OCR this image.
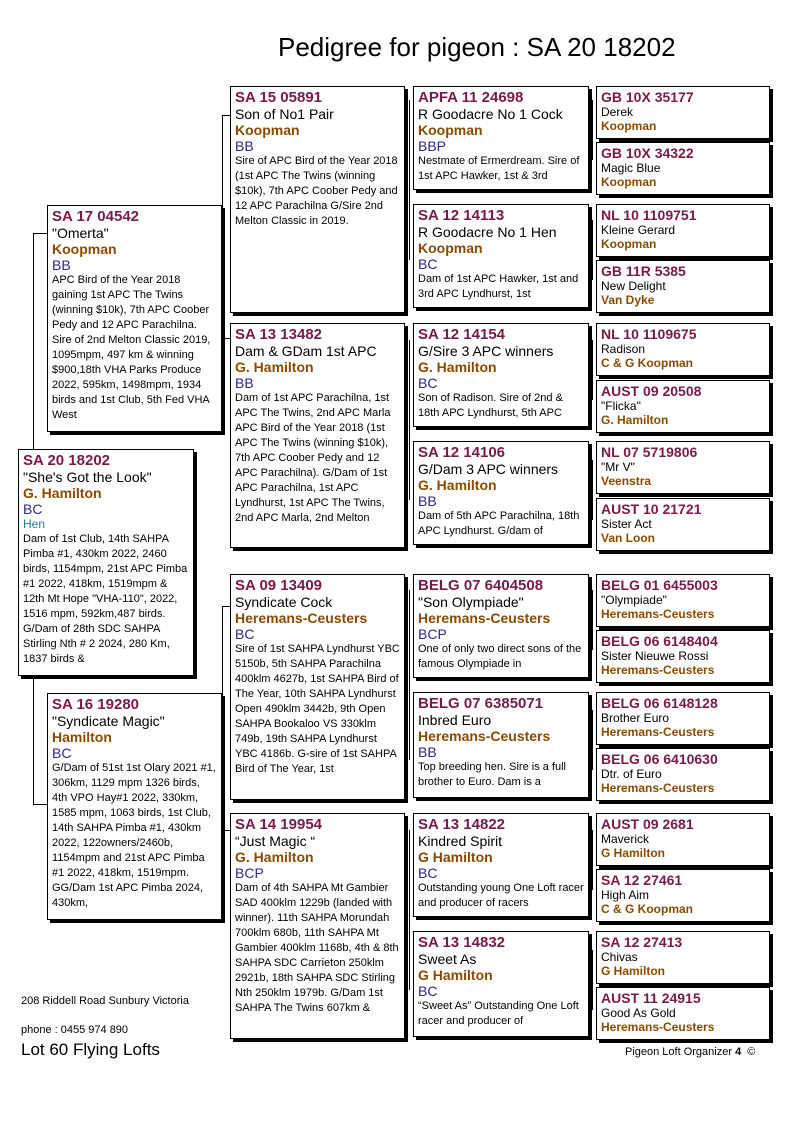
Pedigree for pigeon : SA 20 18202
SA 20 18202
"She's Got the Look"
G. Hamilton
BC
Hen
Dam of 1st Club, 14th SAHPA Pimba #1, 430km 2022, 2460 birds, 1154mpm, 21st APC Pimba #1 2022, 418km, 1519mpm & 12th Mt Hope "VHA-110", 2022, 1516 mpm, 592km,487 birds. G/Dam of 28th SDC SAHPA Stirling Nth # 2 2024, 280 Km, 1837 birds &
SA 17 04542
"Omerta"
Koopman
BB
APC Bird of the Year 2018 gaining 1st APC The Twins (winning $10k), 7th APC Coober Pedy and 12 APC Parachilna. Sire of 2nd Melton Classic 2019, 1095mpm, 497 km & winning $900,18th VHA Parks Produce 2022, 595km, 1498mpm, 1934 birds and 1st Club, 5th Fed VHA West
SA 16 19280
"Syndicate Magic"
Hamilton
BC
G/Dam of 51st 1st Olary 2021 #1, 306km, 1129 mpm 1326 birds, 4th VPO Hay#1 2022, 330km, 1585 mpm, 1063 birds, 1st Club, 14th SAHPA Pimba #1, 430km 2022, 122owners/2460b, 1154mpm and 21st APC Pimba #1 2022, 418km, 1519mpm. GG/Dam 1st APC Pimba 2024, 430km,
SA 15 05891
Son of No1 Pair
Koopman
BB
Sire of APC Bird of the Year 2018 (1st APC The Twins (winning $10k), 7th APC Coober Pedy and 12 APC Parachilna G/Sire 2nd Melton Classic in 2019.
SA 13 13482
Dam & GDam 1st APC
G. Hamilton
BB
Dam of 1st APC Parachilna, 1st APC The Twins, 2nd APC Marla APC Bird of the Year 2018 (1st APC The Twins (winning $10k), 7th APC Coober Pedy and 12 APC Parachilna). G/Dam of 1st APC Parachilna, 1st APC Lyndhurst, 1st APC The Twins, 2nd APC Marla, 2nd Melton
SA 09 13409
Syndicate Cock
Heremans-Ceusters
BC
Sire of 1st SAHPA Lyndhurst YBC 5150b, 5th SAHPA Parachilna 400klm 4627b, 1st SAHPA Bird of The Year, 10th SAHPA Lyndhurst Open 490klm 3442b, 9th Open SAHPA Bookaloo VS 330klm 749b, 19th SAHPA Lyndhurst YBC 4186b. G-sire of 1st SAHPA Bird of The Year, 1st
SA 14 19954
“Just Magic “
G. Hamilton
BCP
Dam of 4th SAHPA Mt Gambier SAD 400klm 1229b (landed with winner). 11th SAHPA Morundah 700klm 680b, 11th SAHPA Mt Gambier 400klm 1168b, 4th & 8th SAHPA SDC Carrieton 250klm 2921b, 18th SAHPA SDC Stirling Nth 250klm 1979b. G/Dam 1st SAHPA The Twins 607km &
APFA 11 24698
R Goodacre No 1 Cock
Koopman
BBP
Nestmate of Ermerdream. Sire of 1st APC Hawker, 1st & 3rd
SA 12 14113
R Goodacre No 1 Hen
Koopman
BC
Dam of 1st APC Hawker, 1st and 3rd APC Lyndhurst, 1st
SA 12 14154
G/Sire 3 APC winners
G. Hamilton
BC
Son of Radison. Sire of 2nd & 18th APC Lyndhurst, 5th APC
SA 12 14106
G/Dam 3 APC winners
G. Hamilton
BB
Dam of 5th APC Parachilna, 18th APC Lyndhurst. G/dam of
BELG 07 6404508
"Son Olympiade"
Heremans-Ceusters
BCP
One of only two direct sons of the famous Olympiade in
BELG 07 6385071
Inbred Euro
Heremans-Ceusters
BB
Top breeding hen. Sire is a full brother to Euro. Dam is a
SA 13 14822
Kindred Spirit
G Hamilton
BC
Outstanding young One Loft racer and producer of racers
SA 13 14832
Sweet As
G Hamilton
BC
“Sweet As” Outstanding One Loft racer and producer of
GB 10X 35177
Derek
Koopman
GB 10X 34322
Magic Blue
Koopman
NL 10 1109751
Kleine Gerard
Koopman
GB 11R 5385
New Delight
Van Dyke
NL 10 1109675
Radison
C & G Koopman
AUST 09 20508
"Flicka"
G. Hamilton
NL 07 5719806
"Mr V"
Veenstra
AUST 10 21721
Sister Act
Van Loon
BELG 01 6455003
"Olympiade"
Heremans-Ceusters
BELG 06 6148404
Sister Nieuwe Rossi
Heremans-Ceusters
BELG 06 6148128
Brother Euro
Heremans-Ceusters
BELG 06 6410630
Dtr. of Euro
Heremans-Ceusters
AUST 09 2681
Maverick
G Hamilton
SA 12 27461
High Aim
C & G Koopman
SA 12 27413
Chivas
G Hamilton
AUST 11 24915
Good As Gold
Heremans-Ceusters
208 Riddell Road Sunbury Victoria
phone : 0455 974 890
Lot 60 Flying Lofts	Pigeon Loft Organizer 4 ©
